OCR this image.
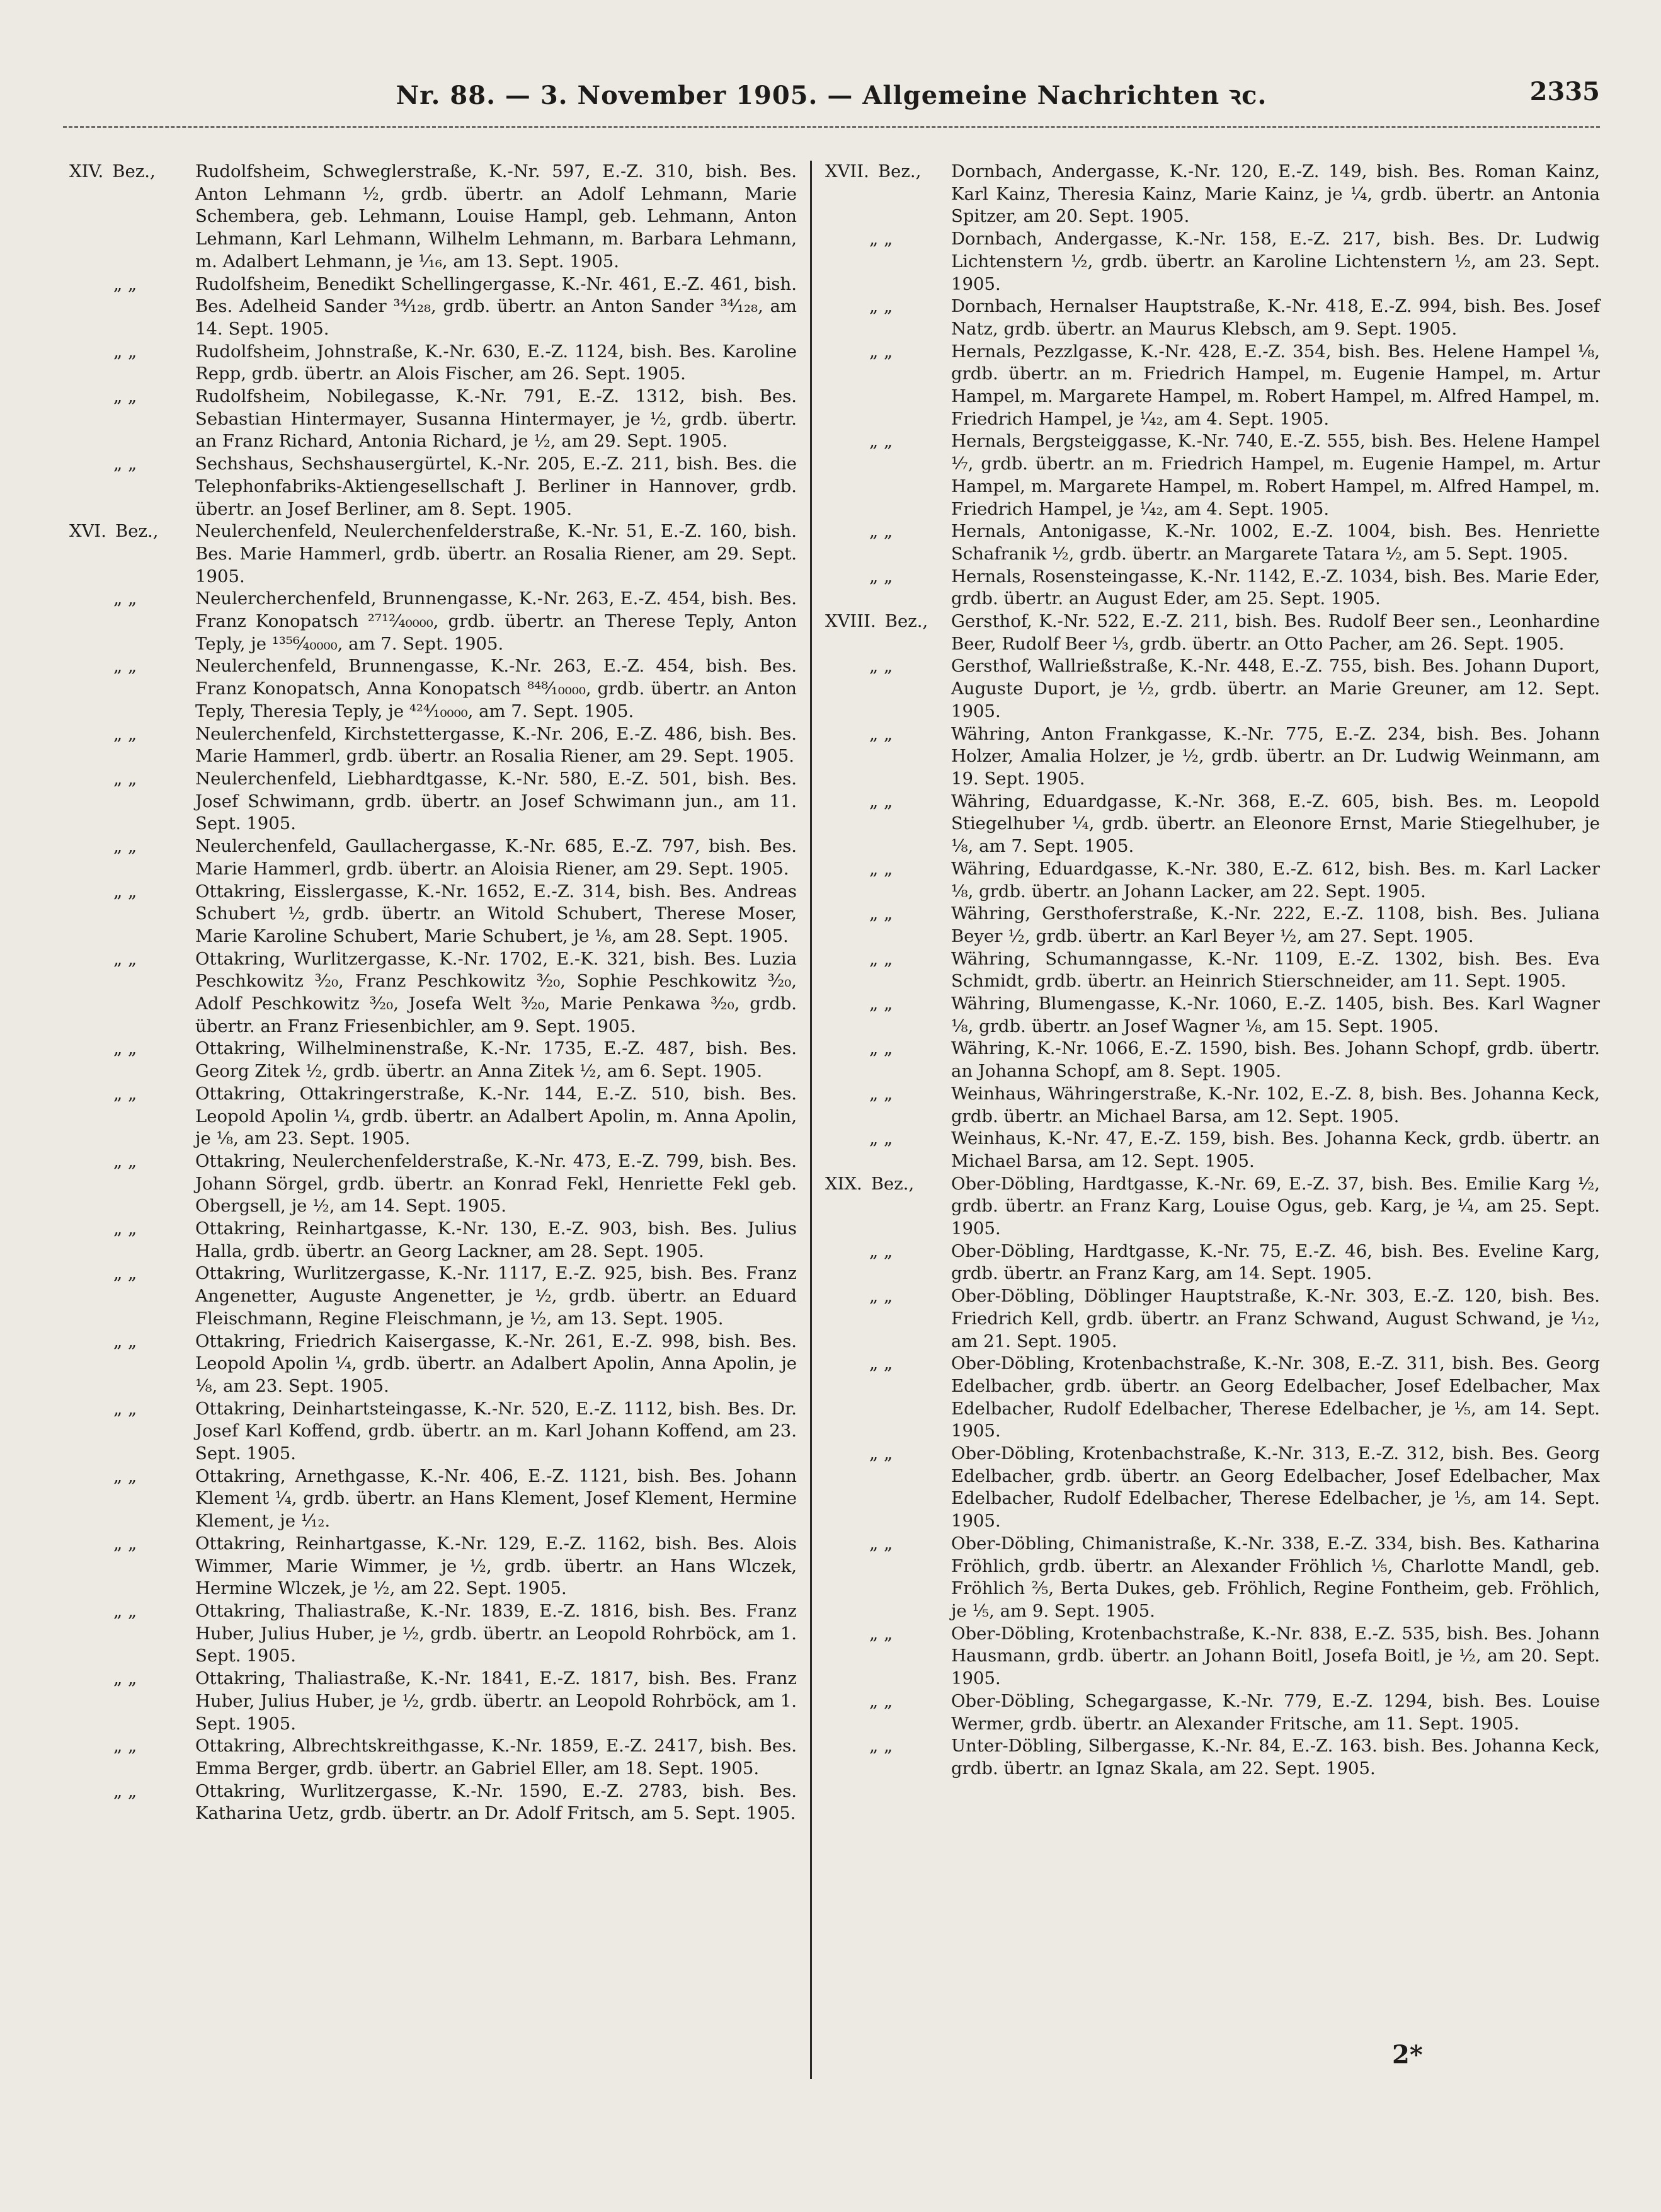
Nr. 88. — 3. November 1905. — Allgemeine Nachrichten ꝛc.	2335
XIV. Bez.,	Rudolfsheim, Schweglerstraße, K.-Nr. 597, E.-Z. 310, bish. Bes. Anton Lehmann ½, grdb. übertr. an Adolf Lehmann, Marie Schembera, geb. Lehmann, Louise Hampl, geb. Lehmann, Anton Lehmann, Karl Lehmann, Wilhelm Lehmann, m. Barbara Lehmann, m. Adalbert Lehmann, je ¹⁄₁₆, am 13. Sept. 1905.
„ „	Rudolfsheim, Benedikt Schellingergasse, K.-Nr. 461, E.-Z. 461, bish. Bes. Adelheid Sander ³⁴⁄₁₂₈, grdb. übertr. an Anton Sander ³⁴⁄₁₂₈, am 14. Sept. 1905.
„ „	Rudolfsheim, Johnstraße, K.-Nr. 630, E.-Z. 1124, bish. Bes. Karoline Repp, grdb. übertr. an Alois Fischer, am 26. Sept. 1905.
„ „	Rudolfsheim, Nobilegasse, K.-Nr. 791, E.-Z. 1312, bish. Bes. Sebastian Hintermayer, Susanna Hintermayer, je ½, grdb. übertr. an Franz Richard, Antonia Richard, je ½, am 29. Sept. 1905.
„ „	Sechshaus, Sechshausergürtel, K.-Nr. 205, E.-Z. 211, bish. Bes. die Telephonfabriks-Aktiengesellschaft J. Berliner in Hannover, grdb. übertr. an Josef Berliner, am 8. Sept. 1905.
XVI. Bez.,	Neulerchenfeld, Neulerchenfelderstraße, K.-Nr. 51, E.-Z. 160, bish. Bes. Marie Hammerl, grdb. übertr. an Rosalia Riener, am 29. Sept. 1905.
„ „	Neulercherchenfeld, Brunnengasse, K.-Nr. 263, E.-Z. 454, bish. Bes. Franz Konopatsch ²⁷¹²⁄₄₀₀₀₀, grdb. übertr. an Therese Teply, Anton Teply, je ¹³⁵⁶⁄₄₀₀₀₀, am 7. Sept. 1905.
„ „	Neulerchenfeld, Brunnengasse, K.-Nr. 263, E.-Z. 454, bish. Bes. Franz Konopatsch, Anna Konopatsch ⁸⁴⁸⁄₁₀₀₀₀, grdb. übertr. an Anton Teply, Theresia Teply, je ⁴²⁴⁄₁₀₀₀₀, am 7. Sept. 1905.
„ „	Neulerchenfeld, Kirchstettergasse, K.-Nr. 206, E.-Z. 486, bish. Bes. Marie Hammerl, grdb. übertr. an Rosalia Riener, am 29. Sept. 1905.
„ „	Neulerchenfeld, Liebhardtgasse, K.-Nr. 580, E.-Z. 501, bish. Bes. Josef Schwimann, grdb. übertr. an Josef Schwimann jun., am 11. Sept. 1905.
„ „	Neulerchenfeld, Gaullachergasse, K.-Nr. 685, E.-Z. 797, bish. Bes. Marie Hammerl, grdb. übertr. an Aloisia Riener, am 29. Sept. 1905.
„ „	Ottakring, Eisslergasse, K.-Nr. 1652, E.-Z. 314, bish. Bes. Andreas Schubert ½, grdb. übertr. an Witold Schubert, Therese Moser, Marie Karoline Schubert, Marie Schubert, je ¹⁄₈, am 28. Sept. 1905.
„ „	Ottakring, Wurlitzergasse, K.-Nr. 1702, E.-K. 321, bish. Bes. Luzia Peschkowitz ³⁄₂₀, Franz Peschkowitz ³⁄₂₀, Sophie Peschkowitz ³⁄₂₀, Adolf Peschkowitz ³⁄₂₀, Josefa Welt ³⁄₂₀, Marie Penkawa ³⁄₂₀, grdb. übertr. an Franz Friesenbichler, am 9. Sept. 1905.
„ „	Ottakring, Wilhelminenstraße, K.-Nr. 1735, E.-Z. 487, bish. Bes. Georg Zitek ½, grdb. übertr. an Anna Zitek ½, am 6. Sept. 1905.
„ „	Ottakring, Ottakringerstraße, K.-Nr. 144, E.-Z. 510, bish. Bes. Leopold Apolin ¹⁄₄, grdb. übertr. an Adalbert Apolin, m. Anna Apolin, je ¹⁄₈, am 23. Sept. 1905.
„ „	Ottakring, Neulerchenfelderstraße, K.-Nr. 473, E.-Z. 799, bish. Bes. Johann Sörgel, grdb. übertr. an Konrad Fekl, Henriette Fekl geb. Obergsell, je ½, am 14. Sept. 1905.
„ „	Ottakring, Reinhartgasse, K.-Nr. 130, E.-Z. 903, bish. Bes. Julius Halla, grdb. übertr. an Georg Lackner, am 28. Sept. 1905.
„ „	Ottakring, Wurlitzergasse, K.-Nr. 1117, E.-Z. 925, bish. Bes. Franz Angenetter, Auguste Angenetter, je ½, grdb. übertr. an Eduard Fleischmann, Regine Fleischmann, je ½, am 13. Sept. 1905.
„ „	Ottakring, Friedrich Kaisergasse, K.-Nr. 261, E.-Z. 998, bish. Bes. Leopold Apolin ¹⁄₄, grdb. übertr. an Adalbert Apolin, Anna Apolin, je ¹⁄₈, am 23. Sept. 1905.
„ „	Ottakring, Deinhartsteingasse, K.-Nr. 520, E.-Z. 1112, bish. Bes. Dr. Josef Karl Koffend, grdb. übertr. an m. Karl Johann Koffend, am 23. Sept. 1905.
„ „	Ottakring, Arnethgasse, K.-Nr. 406, E.-Z. 1121, bish. Bes. Johann Klement ¹⁄₄, grdb. übertr. an Hans Klement, Josef Klement, Hermine Klement, je ¹⁄₁₂.
„ „	Ottakring, Reinhartgasse, K.-Nr. 129, E.-Z. 1162, bish. Bes. Alois Wimmer, Marie Wimmer, je ½, grdb. übertr. an Hans Wlczek, Hermine Wlczek, je ½, am 22. Sept. 1905.
„ „	Ottakring, Thaliastraße, K.-Nr. 1839, E.-Z. 1816, bish. Bes. Franz Huber, Julius Huber, je ½, grdb. übertr. an Leopold Rohrböck, am 1. Sept. 1905.
„ „	Ottakring, Thaliastraße, K.-Nr. 1841, E.-Z. 1817, bish. Bes. Franz Huber, Julius Huber, je ½, grdb. übertr. an Leopold Rohrböck, am 1. Sept. 1905.
„ „	Ottakring, Albrechtskreithgasse, K.-Nr. 1859, E.-Z. 2417, bish. Bes. Emma Berger, grdb. übertr. an Gabriel Eller, am 18. Sept. 1905.
„ „	Ottakring, Wurlitzergasse, K.-Nr. 1590, E.-Z. 2783, bish. Bes. Katharina Uetz, grdb. übertr. an Dr. Adolf Fritsch, am 5. Sept. 1905.
XVII. Bez.,	Dornbach, Andergasse, K.-Nr. 120, E.-Z. 149, bish. Bes. Roman Kainz, Karl Kainz, Theresia Kainz, Marie Kainz, je ¹⁄₄, grdb. übertr. an Antonia Spitzer, am 20. Sept. 1905.
„ „	Dornbach, Andergasse, K.-Nr. 158, E.-Z. 217, bish. Bes. Dr. Ludwig Lichtenstern ½, grdb. übertr. an Karoline Lichtenstern ½, am 23. Sept. 1905.
„ „	Dornbach, Hernalser Hauptstraße, K.-Nr. 418, E.-Z. 994, bish. Bes. Josef Natz, grdb. übertr. an Maurus Klebsch, am 9. Sept. 1905.
„ „	Hernals, Pezzlgasse, K.-Nr. 428, E.-Z. 354, bish. Bes. Helene Hampel ¹⁄₈, grdb. übertr. an m. Friedrich Hampel, m. Eugenie Hampel, m. Artur Hampel, m. Margarete Hampel, m. Robert Hampel, m. Alfred Hampel, m. Friedrich Hampel, je ¹⁄₄₂, am 4. Sept. 1905.
„ „	Hernals, Bergsteiggasse, K.-Nr. 740, E.-Z. 555, bish. Bes. Helene Hampel ¹⁄₇, grdb. übertr. an m. Friedrich Hampel, m. Eugenie Hampel, m. Artur Hampel, m. Margarete Hampel, m. Robert Hampel, m. Alfred Hampel, m. Friedrich Hampel, je ¹⁄₄₂, am 4. Sept. 1905.
„ „	Hernals, Antonigasse, K.-Nr. 1002, E.-Z. 1004, bish. Bes. Henriette Schafranik ½, grdb. übertr. an Margarete Tatara ½, am 5. Sept. 1905.
„ „	Hernals, Rosensteingasse, K.-Nr. 1142, E.-Z. 1034, bish. Bes. Marie Eder, grdb. übertr. an August Eder, am 25. Sept. 1905.
XVIII. Bez.,	Gersthof, K.-Nr. 522, E.-Z. 211, bish. Bes. Rudolf Beer sen., Leonhardine Beer, Rudolf Beer ¹⁄₃, grdb. übertr. an Otto Pacher, am 26. Sept. 1905.
„ „	Gersthof, Wallrießstraße, K.-Nr. 448, E.-Z. 755, bish. Bes. Johann Duport, Auguste Duport, je ½, grdb. übertr. an Marie Greuner, am 12. Sept. 1905.
„ „	Währing, Anton Frankgasse, K.-Nr. 775, E.-Z. 234, bish. Bes. Johann Holzer, Amalia Holzer, je ½, grdb. übertr. an Dr. Ludwig Weinmann, am 19. Sept. 1905.
„ „	Währing, Eduardgasse, K.-Nr. 368, E.-Z. 605, bish. Bes. m. Leopold Stiegelhuber ¹⁄₄, grdb. übertr. an Eleonore Ernst, Marie Stiegelhuber, je ¹⁄₈, am 7. Sept. 1905.
„ „	Währing, Eduardgasse, K.-Nr. 380, E.-Z. 612, bish. Bes. m. Karl Lacker ¹⁄₈, grdb. übertr. an Johann Lacker, am 22. Sept. 1905.
„ „	Währing, Gersthoferstraße, K.-Nr. 222, E.-Z. 1108, bish. Bes. Juliana Beyer ½, grdb. übertr. an Karl Beyer ½, am 27. Sept. 1905.
„ „	Währing, Schumanngasse, K.-Nr. 1109, E.-Z. 1302, bish. Bes. Eva Schmidt, grdb. übertr. an Heinrich Stierschneider, am 11. Sept. 1905.
„ „	Währing, Blumengasse, K.-Nr. 1060, E.-Z. 1405, bish. Bes. Karl Wagner ¹⁄₈, grdb. übertr. an Josef Wagner ¹⁄₈, am 15. Sept. 1905.
„ „	Währing, K.-Nr. 1066, E.-Z. 1590, bish. Bes. Johann Schopf, grdb. übertr. an Johanna Schopf, am 8. Sept. 1905.
„ „	Weinhaus, Währingerstraße, K.-Nr. 102, E.-Z. 8, bish. Bes. Johanna Keck, grdb. übertr. an Michael Barsa, am 12. Sept. 1905.
„ „	Weinhaus, K.-Nr. 47, E.-Z. 159, bish. Bes. Johanna Keck, grdb. übertr. an Michael Barsa, am 12. Sept. 1905.
XIX. Bez.,	Ober-Döbling, Hardtgasse, K.-Nr. 69, E.-Z. 37, bish. Bes. Emilie Karg ½, grdb. übertr. an Franz Karg, Louise Ogus, geb. Karg, je ¹⁄₄, am 25. Sept. 1905.
„ „	Ober-Döbling, Hardtgasse, K.-Nr. 75, E.-Z. 46, bish. Bes. Eveline Karg, grdb. übertr. an Franz Karg, am 14. Sept. 1905.
„ „	Ober-Döbling, Döblinger Hauptstraße, K.-Nr. 303, E.-Z. 120, bish. Bes. Friedrich Kell, grdb. übertr. an Franz Schwand, August Schwand, je ¹⁄₁₂, am 21. Sept. 1905.
„ „	Ober-Döbling, Krotenbachstraße, K.-Nr. 308, E.-Z. 311, bish. Bes. Georg Edelbacher, grdb. übertr. an Georg Edelbacher, Josef Edelbacher, Max Edelbacher, Rudolf Edelbacher, Therese Edelbacher, je ¹⁄₅, am 14. Sept. 1905.
„ „	Ober-Döbling, Krotenbachstraße, K.-Nr. 313, E.-Z. 312, bish. Bes. Georg Edelbacher, grdb. übertr. an Georg Edelbacher, Josef Edelbacher, Max Edelbacher, Rudolf Edelbacher, Therese Edelbacher, je ¹⁄₅, am 14. Sept. 1905.
„ „	Ober-Döbling, Chimanistraße, K.-Nr. 338, E.-Z. 334, bish. Bes. Katharina Fröhlich, grdb. übertr. an Alexander Fröhlich ¹⁄₅, Charlotte Mandl, geb. Fröhlich ²⁄₅, Berta Dukes, geb. Fröhlich, Regine Fontheim, geb. Fröhlich, je ¹⁄₅, am 9. Sept. 1905.
„ „	Ober-Döbling, Krotenbachstraße, K.-Nr. 838, E.-Z. 535, bish. Bes. Johann Hausmann, grdb. übertr. an Johann Boitl, Josefa Boitl, je ½, am 20. Sept. 1905.
„ „	Ober-Döbling, Schegargasse, K.-Nr. 779, E.-Z. 1294, bish. Bes. Louise Wermer, grdb. übertr. an Alexander Fritsche, am 11. Sept. 1905.
„ „	Unter-Döbling, Silbergasse, K.-Nr. 84, E.-Z. 163. bish. Bes. Johanna Keck, grdb. übertr. an Ignaz Skala, am 22. Sept. 1905.
2*
